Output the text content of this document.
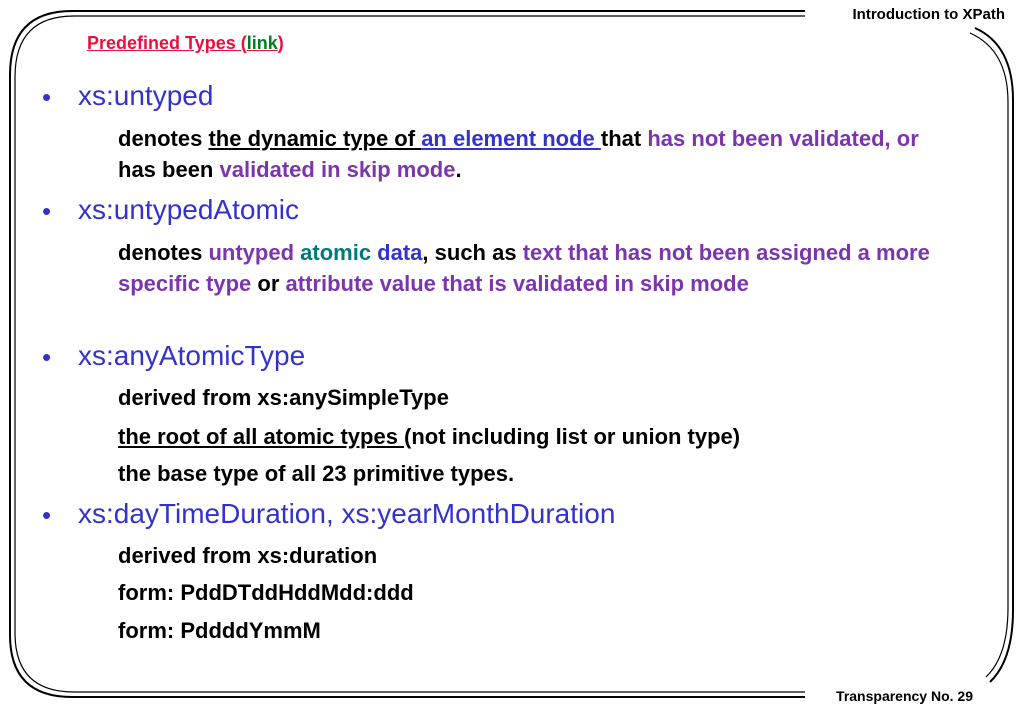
Introduction to XPath
Predefined Types (link)
• xs:untyped
denotes the dynamic type of an element node that has not been validated, or has been validated in skip mode.
• xs:untypedAtomic
denotes untyped atomic data, such as text that has not been assigned a more specific type or attribute value that is validated in skip mode
• xs:anyAtomicType
derived from xs:anySimpleType
the root of all atomic types (not including list or union type)
the base type of all 23 primitive types.
• xs:dayTimeDuration, xs:yearMonthDuration
derived from xs:duration
form: PddDTddHddMdd:ddd
form: PddddYmmM
Transparency No. 29
